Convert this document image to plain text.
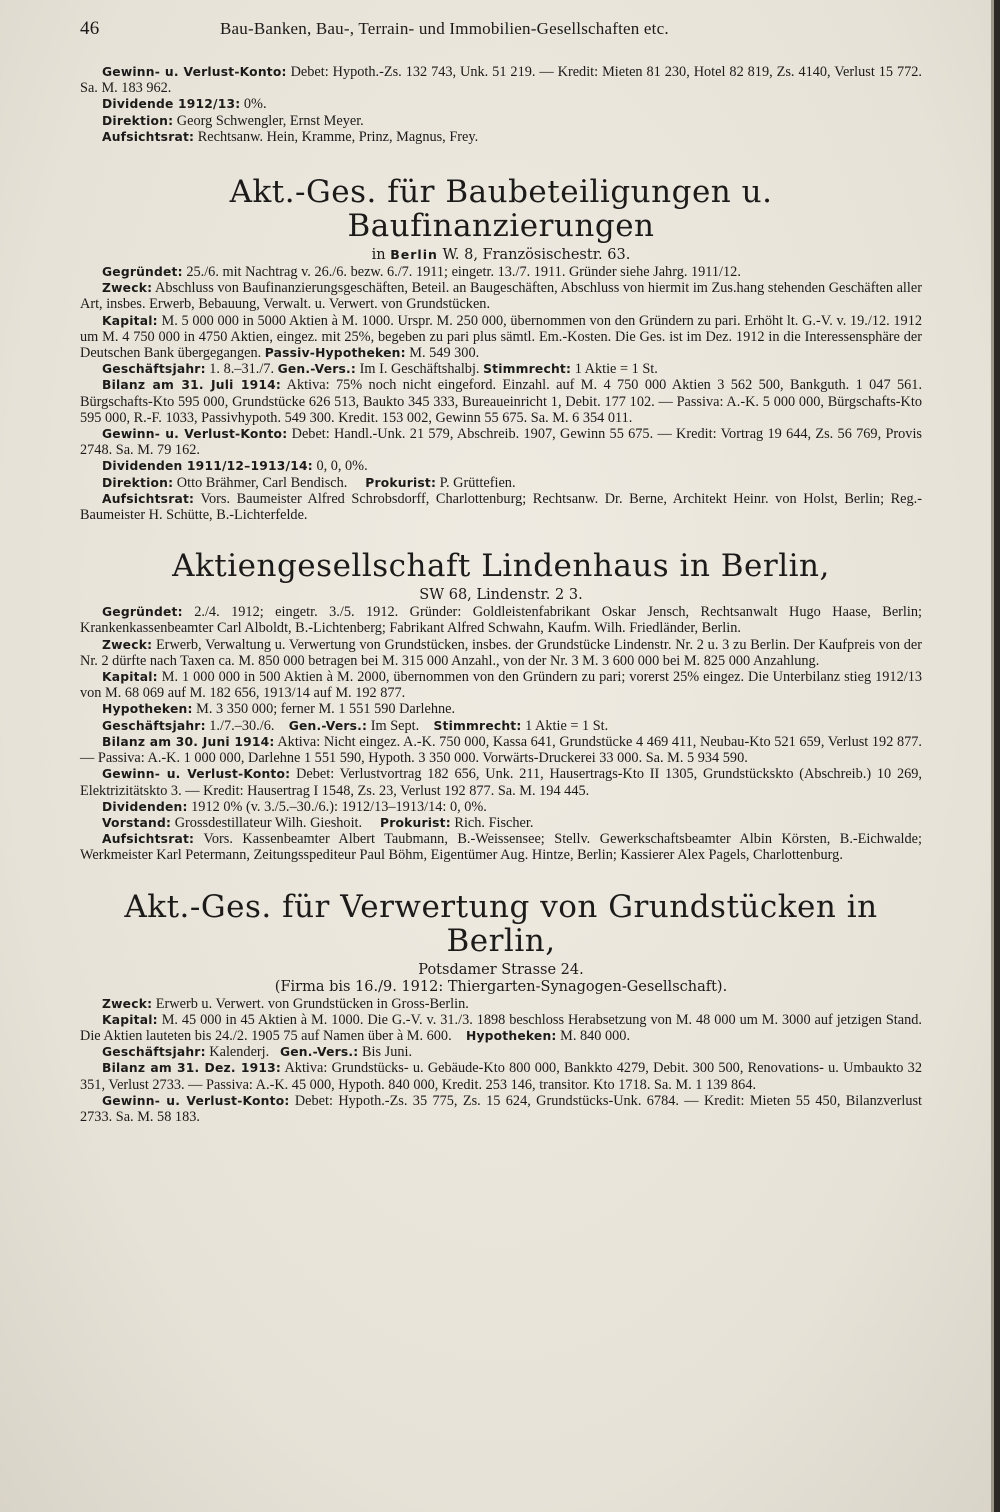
46	Bau-Banken, Bau-, Terrain- und Immobilien-Gesellschaften etc.

Gewinn- u. Verlust-Konto: Debet: Hypoth.-Zs. 132 743, Unk. 51 219. — Kredit: Mieten 81 230, Hotel 82 819, Zs. 4140, Verlust 15 772. Sa. M. 183 962.

Dividende 1912/13: 0%.

Direktion: Georg Schwengler, Ernst Meyer.

Aufsichtsrat: Rechtsanw. Hein, Kramme, Prinz, Magnus, Frey.

Akt.-Ges. für Baubeteiligungen u. Baufinanzierungen
in Berlin W. 8, Französischestr. 63.

Gegründet: 25./6. mit Nachtrag v. 26./6. bezw. 6./7. 1911; eingetr. 13./7. 1911. Gründer siehe Jahrg. 1911/12.

Zweck: Abschluss von Baufinanzierungsgeschäften, Beteil. an Baugeschäften, Abschluss von hiermit im Zus.hang stehenden Geschäften aller Art, insbes. Erwerb, Bebauung, Verwalt. u. Verwert. von Grundstücken.

Kapital: M. 5 000 000 in 5000 Aktien à M. 1000. Urspr. M. 250 000, übernommen von den Gründern zu pari. Erhöht lt. G.-V. v. 19./12. 1912 um M. 4 750 000 in 4750 Aktien, eingez. mit 25%, begeben zu pari plus sämtl. Em.-Kosten. Die Ges. ist im Dez. 1912 in die Interessensphäre der Deutschen Bank übergegangen. Passiv-Hypotheken: M. 549 300.

Geschäftsjahr: 1. 8.–31./7. Gen.-Vers.: Im I. Geschäftshalbj. Stimmrecht: 1 Aktie = 1 St.

Bilanz am 31. Juli 1914: Aktiva: 75% noch nicht eingeford. Einzahl. auf M. 4 750 000 Aktien 3 562 500, Bankguth. 1 047 561. Bürgschafts-Kto 595 000, Grundstücke 626 513, Baukto 345 333, Bureaueinricht 1, Debit. 177 102. — Passiva: A.-K. 5 000 000, Bürgschafts-Kto 595 000, R.-F. 1033, Passivhypoth. 549 300. Kredit. 153 002, Gewinn 55 675. Sa. M. 6 354 011.

Gewinn- u. Verlust-Konto: Debet: Handl.-Unk. 21 579, Abschreib. 1907, Gewinn 55 675. — Kredit: Vortrag 19 644, Zs. 56 769, Provis 2748. Sa. M. 79 162.

Dividenden 1911/12–1913/14: 0, 0, 0%.

Direktion: Otto Brähmer, Carl Bendisch. Prokurist: P. Grüttefien.

Aufsichtsrat: Vors. Baumeister Alfred Schrobsdorff, Charlottenburg; Rechtsanw. Dr. Berne, Architekt Heinr. von Holst, Berlin; Reg.-Baumeister H. Schütte, B.-Lichterfelde.

Aktiengesellschaft Lindenhaus in Berlin,
SW 68, Lindenstr. 2 3.

Gegründet: 2./4. 1912; eingetr. 3./5. 1912. Gründer: Goldleistenfabrikant Oskar Jensch, Rechtsanwalt Hugo Haase, Berlin; Krankenkassenbeamter Carl Alboldt, B.-Lichtenberg; Fabrikant Alfred Schwahn, Kaufm. Wilh. Friedländer, Berlin.

Zweck: Erwerb, Verwaltung u. Verwertung von Grundstücken, insbes. der Grundstücke Lindenstr. Nr. 2 u. 3 zu Berlin. Der Kaufpreis von der Nr. 2 dürfte nach Taxen ca. M. 850 000 betragen bei M. 315 000 Anzahl., von der Nr. 3 M. 3 600 000 bei M. 825 000 Anzahlung.

Kapital: M. 1 000 000 in 500 Aktien à M. 2000, übernommen von den Gründern zu pari; vorerst 25% eingez. Die Unterbilanz stieg 1912/13 von M. 68 069 auf M. 182 656, 1913/14 auf M. 192 877.

Hypotheken: M. 3 350 000; ferner M. 1 551 590 Darlehne.

Geschäftsjahr: 1./7.–30./6. Gen.-Vers.: Im Sept. Stimmrecht: 1 Aktie = 1 St.

Bilanz am 30. Juni 1914: Aktiva: Nicht eingez. A.-K. 750 000, Kassa 641, Grundstücke 4 469 411, Neubau-Kto 521 659, Verlust 192 877. — Passiva: A.-K. 1 000 000, Darlehne 1 551 590, Hypoth. 3 350 000. Vorwärts-Druckerei 33 000. Sa. M. 5 934 590.

Gewinn- u. Verlust-Konto: Debet: Verlustvortrag 182 656, Unk. 211, Hausertrags-Kto II 1305, Grundstückskto (Abschreib.) 10 269, Elektrizitätskto 3. — Kredit: Hausertrag I 1548, Zs. 23, Verlust 192 877. Sa. M. 194 445.

Dividenden: 1912 0% (v. 3./5.–30./6.): 1912/13–1913/14: 0, 0%.

Vorstand: Grossdestillateur Wilh. Gieshoit. Prokurist: Rich. Fischer.

Aufsichtsrat: Vors. Kassenbeamter Albert Taubmann, B.-Weissensee; Stellv. Gewerkschaftsbeamter Albin Körsten, B.-Eichwalde; Werkmeister Karl Petermann, Zeitungsspediteur Paul Böhm, Eigentümer Aug. Hintze, Berlin; Kassierer Alex Pagels, Charlottenburg.

Akt.-Ges. für Verwertung von Grundstücken in Berlin,
Potsdamer Strasse 24.
(Firma bis 16./9. 1912: Thiergarten-Synagogen-Gesellschaft).

Zweck: Erwerb u. Verwert. von Grundstücken in Gross-Berlin.

Kapital: M. 45 000 in 45 Aktien à M. 1000. Die G.-V. v. 31./3. 1898 beschloss Herabsetzung von M. 48 000 um M. 3000 auf jetzigen Stand. Die Aktien lauteten bis 24./2. 1905 75 auf Namen über à M. 600. Hypotheken: M. 840 000.

Geschäftsjahr: Kalenderj. Gen.-Vers.: Bis Juni.

Bilanz am 31. Dez. 1913: Aktiva: Grundstücks- u. Gebäude-Kto 800 000, Bankkto 4279, Debit. 300 500, Renovations- u. Umbaukto 32 351, Verlust 2733. — Passiva: A.-K. 45 000, Hypoth. 840 000, Kredit. 253 146, transitor. Kto 1718. Sa. M. 1 139 864.

Gewinn- u. Verlust-Konto: Debet: Hypoth.-Zs. 35 775, Zs. 15 624, Grundstücks-Unk. 6784. — Kredit: Mieten 55 450, Bilanzverlust 2733. Sa. M. 58 183.
